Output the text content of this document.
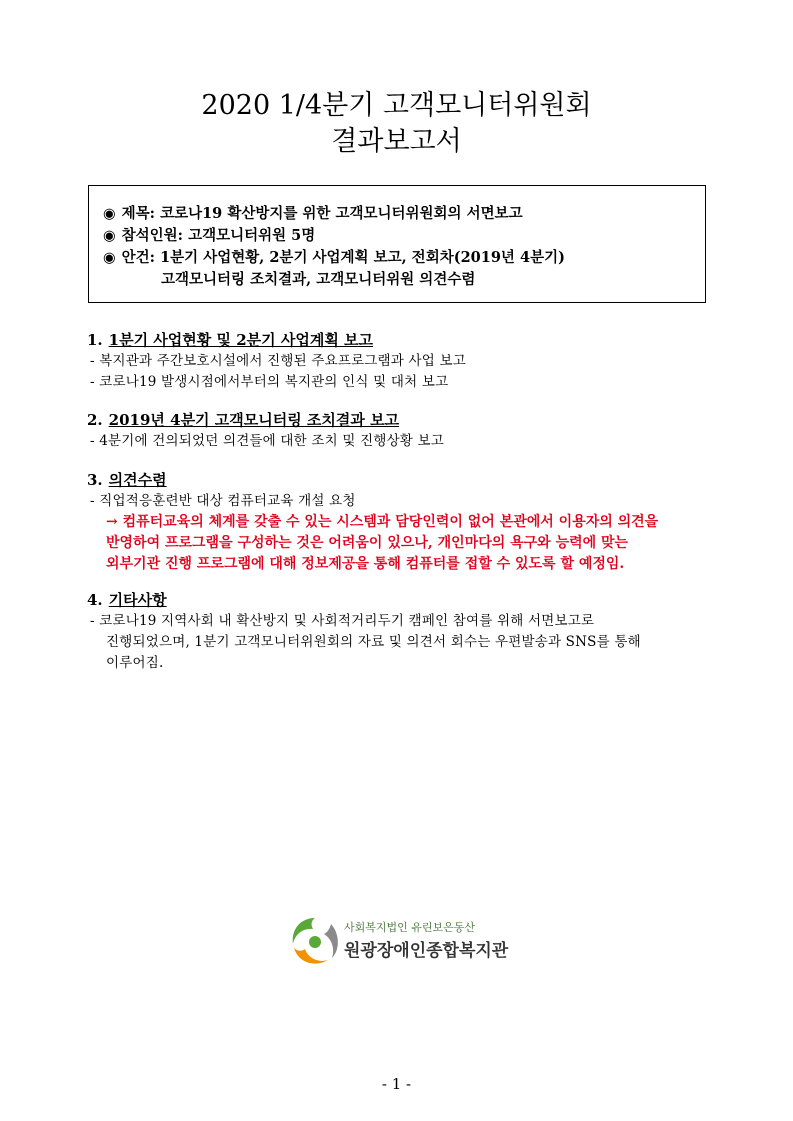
2020 1/4분기 고객모니터위원회
결과보고서
◉ 제목: 코로나19 확산방지를 위한 고객모니터위원회의 서면보고
◉ 참석인원: 고객모니터위원 5명
◉ 안건: 1분기 사업현황, 2분기 사업계획 보고, 전회차(2019년 4분기)
고객모니터링 조치결과, 고객모니터위원 의견수렴
1. 1분기 사업현황 및 2분기 사업계획 보고
- 복지관과 주간보호시설에서 진행된 주요프로그램과 사업 보고
- 코로나19 발생시점에서부터의 복지관의 인식 및 대처 보고
2. 2019년 4분기 고객모니터링 조치결과 보고
- 4분기에 건의되었던 의견들에 대한 조치 및 진행상황 보고
3. 의견수렴
- 직업적응훈련반 대상 컴퓨터교육 개설 요청
→ 컴퓨터교육의 체계를 갖출 수 있는 시스템과 담당인력이 없어 본관에서 이용자의 의견을
반영하여 프로그램을 구성하는 것은 어려움이 있으나, 개인마다의 욕구와 능력에 맞는
외부기관 진행 프로그램에 대해 정보제공을 통해 컴퓨터를 접할 수 있도록 할 예정임.
4. 기타사항
- 코로나19 지역사회 내 확산방지 및 사회적거리두기 캠페인 참여를 위해 서면보고로
진행되었으며, 1분기 고객모니터위원회의 자료 및 의견서 회수는 우편발송과 SNS를 통해
이루어짐.
사회복지법인 유린보은동산
원광장애인종합복지관
- 1 -
